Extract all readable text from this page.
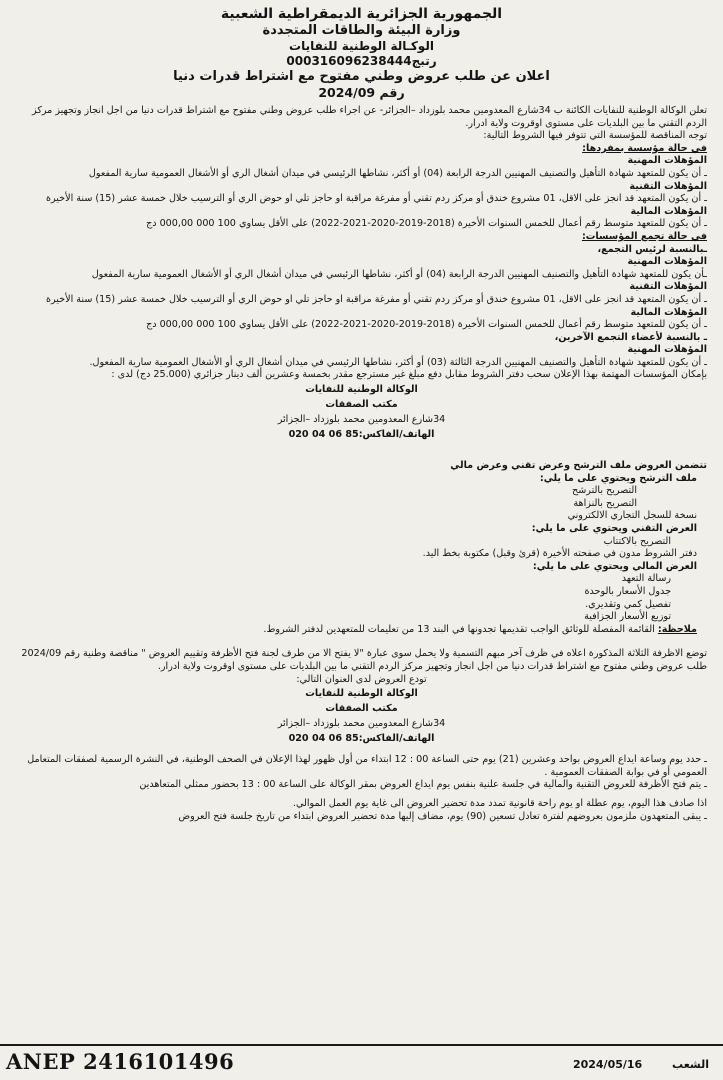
الجمهورية الجزائرية الديمقراطية الشعبية
وزارة البيئة والطاقات المتجددة
الوكـالة الوطنية للنفايات
رتبج000316096238444
اعلان عن طلب عروض وطني مفتوح مع اشتراط قدرات دنيا
رقم 2024/09

تعلن الوكالة الوطنية للنفايات الكائنة ب 34شارع المعدومين محمد بلوزداد –الجزائر- عن اجراء طلب عروض وطني مفتوح مع اشتراط قدرات دنيا من اجل انجاز وتجهيز مركز الردم التقني ما بين البلديات على مستوى اوقروت ولاية ادرار.

توجه المناقصة للمؤسسة التي تتوفر فيها الشروط التالية:

في حالة مؤسسة بمفردها:

المؤهلات المهنية

ـ أن يكون للمتعهد شهادة التأهيل والتصنيف المهنيين الدرجة الرابعة (04) أو أكثر، نشاطها الرئيسي في ميدان أشغال الري أو الأشغال العمومية سارية المفعول

المؤهلات التقنية

ـ أن يكون المتعهد قد انجز على الاقل، 01 مشروع خندق أو مركز ردم تقني أو مفرغة مراقبة او حاجز تلي او حوض الري أو الترسيب خلال خمسة عشر (15) سنة الأخيرة

المؤهلات المالية

ـ أن يكون للمتعهد متوسط رقم أعمال للخمس السنوات الأخيرة (2018-2019-2020-2021-2022) على الأقل يساوي 100 000 000,00 دج

في حالة تجمع المؤسسات:

ـبالنسبة لرئيس التجمع،

المؤهلات المهنية

ـأن يكون للمتعهد شهادة التأهيل والتصنيف المهنيين الدرجة الرابعة (04) أو أكثر، نشاطها الرئيسي في ميدان أشغال الري أو الأشغال العمومية سارية المفعول

المؤهلات التقنية

ـ أن يكون المتعهد قد انجز على الاقل، 01 مشروع خندق أو مركز ردم تقني أو مفرغة مراقبة او حاجز تلي او حوض الري أو الترسيب خلال خمسة عشر (15) سنة الأخيرة

المؤهلات المالية

ـ أن يكون للمتعهد متوسط رقم أعمال للخمس السنوات الأخيرة (2018-2019-2020-2021-2022) على الأقل يساوي 100 000 000,00 دج

ـ بالنسبة لأعضاء التجمع الآخرين،

المؤهلات المهنية

ـ أن يكون للمتعهد شهادة التأهيل والتصنيف المهنيين الدرجة الثالثة (03) أو أكثر، نشاطها الرئيسي في ميدان أشغال الري أو الأشغال العمومية سارية المفعول.

بإمكان المؤسسات المهتمة بهذا الإعلان سحب دفتر الشروط مقابل دفع مبلغ غير مسترجع مقدر بخمسة وعشرين ألف دينار جزائري (25.000 دج) لدى :

الوكالة الوطنية للنفايات
مكتب الصفقات
34شارع المعدومين محمد بلوزداد –الجزائر
الهاتف/الفاكس:85 06 04 020

تتضمن العروض ملف الترشح وعرض تقني وعرض مالي

ملف الترشح ويحتوي على ما يلي:

التصريح بالترشح

التصريح بالنزاهة

نسخة للسجل التجاري الالكتروني

العرض التقني ويحتوي على ما يلي:

التصريح بالاكتتاب

دفتر الشروط مدون في صفحته الأخيرة (قرئ وقبل) مكتوبة بخط اليد.

العرض المالي ويحتوي على ما يلي:

رسالة التعهد

جدول الأسعار بالوحدة

تفصيل كمي وتقديري.

توزيع الأسعار الجزافية

ملاحظة: القائمة المفصلة للوثائق الواجب تقديمها تجدونها في البند 13 من تعليمات للمتعهدين لدفتر الشروط.

توضع الاظرفة الثلاثة المذكورة اعلاه في ظرف آخر مبهم التسمية ولا يحمل سوى عبارة "لا يفتح الا من طرف لجنة فتح الأظرفة وتقييم العروض " مناقصة وطنية رقم 2024/09 طلب عروض وطني مفتوح مع اشتراط قدرات دنيا من اجل انجاز وتجهيز مركز الردم التقني ما بين البلديات على مستوى اوقروت ولاية ادرار.

تودع العروض لدى العنوان التالي:

الوكالة الوطنية للنفايات
مكتب الصفقات
34شارع المعدومين محمد بلوزداد –الجزائر
الهاتف/الفاكس:85 06 04 020

ـ حدد يوم وساعة ايداع العروض بواحد وعشرين (21) يوم حتى الساعة 00 : 12 ابتداء من أول ظهور لهذا الإعلان في الصحف الوطنية، في النشرة الرسمية لصفقات المتعامل العمومي أو في بوابة الصفقات العمومية .

ـ يتم فتح الأظرفة للعروض التقنية والمالية في جلسة علنية بنفس يوم ايداع العروض بمقر الوكالة على الساعة 00 : 13 بحضور ممثلي المتعاهدين

اذا صادف هذا اليوم، يوم عطلة او يوم راحة قانونية تمدد مدة تحضير العروض الى غاية يوم العمل الموالي.

ـ يبقى المتعهدون ملزمون بعروضهم لفترة تعادل تسعين (90) يوم، مضاف إليها مدة تحضير العروض ابتداء من تاريخ جلسة فتح العروض

ANEP 2416101496	الشعب 2024/05/16
